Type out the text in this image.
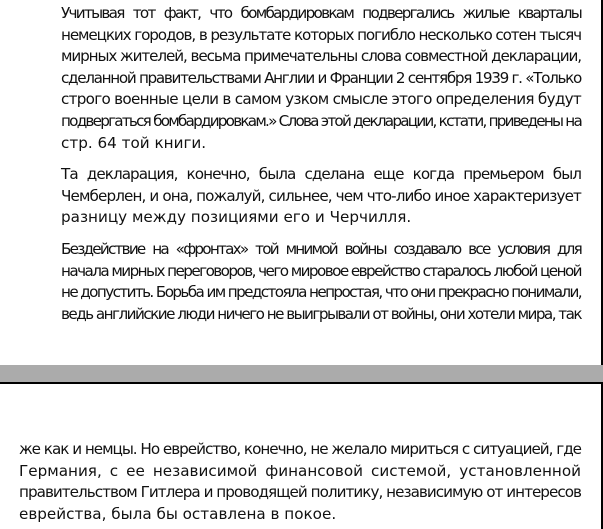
Учитывая тот факт, что бомбардировкам подвергались жилые кварталы
немецких городов, в результате которых погибло несколько сотен тысяч
мирных жителей, весьма примечательны слова совместной декларации,
сделанной правительствами Англии и Франции 2 сентября 1939 г. «Только
строго военные цели в самом узком смысле этого определения будут
подвергаться бомбардировкам.» Слова этой декларации, кстати, приведены на
стр. 64 той книги.

Та декларация, конечно, была сделана еще когда премьером был
Чемберлен, и она, пожалуй, сильнее, чем что-либо иное характеризует
разницу между позициями его и Черчилля.

Бездействие на «фронтах» той мнимой войны создавало все условия для
начала мирных переговоров, чего мировое еврейство старалось любой ценой
не допустить. Борьба им предстояла непростая, что они прекрасно понимали,
ведь английские люди ничего не выигрывали от войны, они хотели мира, так

же как и немцы. Но еврейство, конечно, не желало мириться с ситуацией, где
Германия, с ее независимой финансовой системой, установленной
правительством Гитлера и проводящей политику, независимую от интересов
еврейства, была бы оставлена в покое.
